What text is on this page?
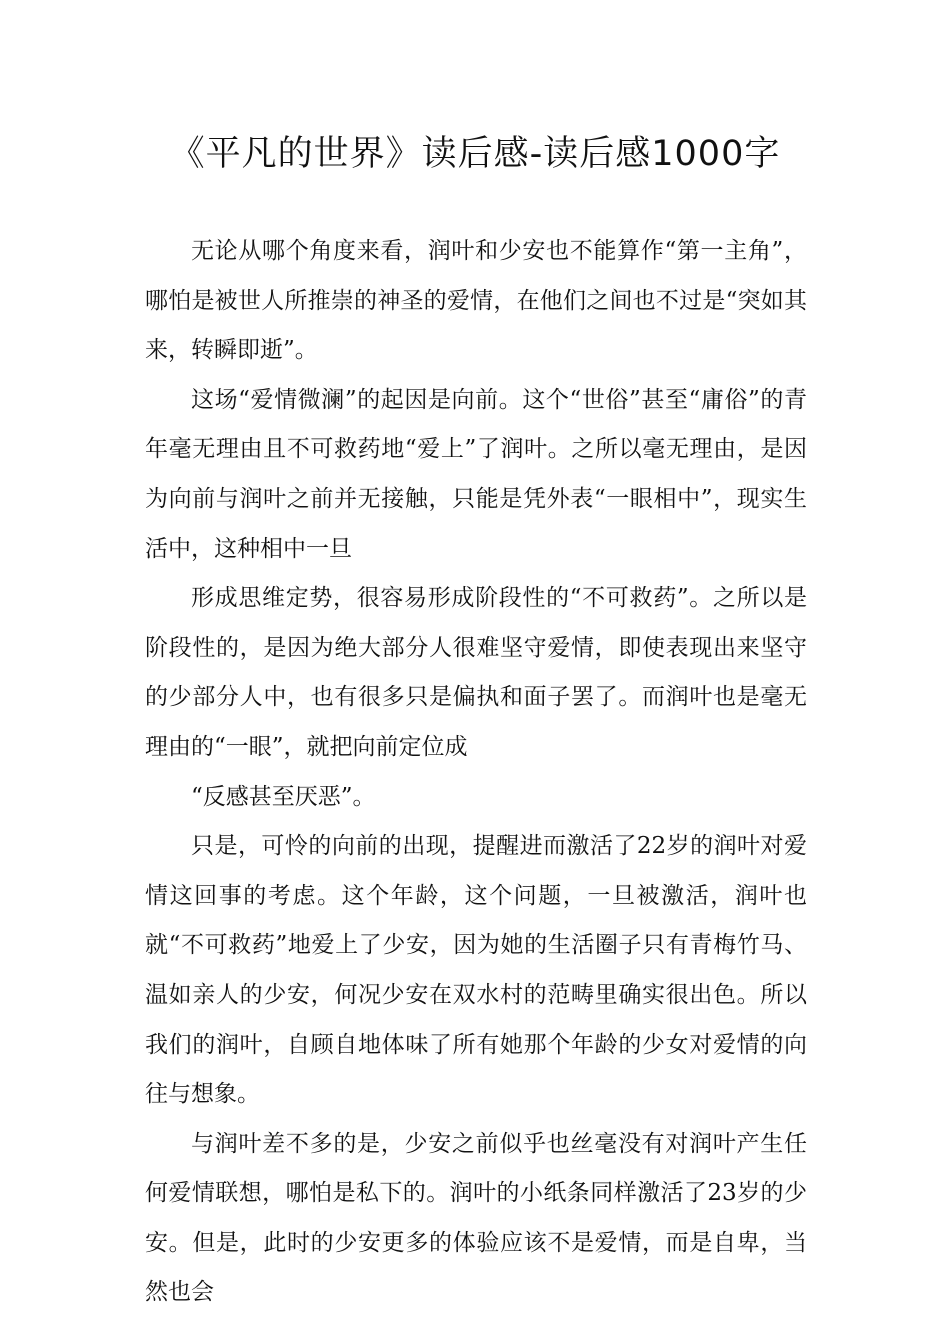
《平凡的世界》读后感-读后感1000字

无论从哪个角度来看，润叶和少安也不能算作“第一主角”，哪怕是被世人所推崇的神圣的爱情，在他们之间也不过是“突如其来，转瞬即逝”。

这场“爱情微澜”的起因是向前。这个“世俗”甚至“庸俗”的青年毫无理由且不可救药地“爱上”了润叶。之所以毫无理由，是因为向前与润叶之前并无接触，只能是凭外表“一眼相中”，现实生活中，这种相中一旦

形成思维定势，很容易形成阶段性的“不可救药”。之所以是阶段性的，是因为绝大部分人很难坚守爱情，即使表现出来坚守的少部分人中，也有很多只是偏执和面子罢了。而润叶也是毫无理由的“一眼”，就把向前定位成

“反感甚至厌恶”。

只是，可怜的向前的出现，提醒进而激活了22岁的润叶对爱情这回事的考虑。这个年龄，这个问题，一旦被激活，润叶也就“不可救药”地爱上了少安，因为她的生活圈子只有青梅竹马、温如亲人的少安，何况少安在双水村的范畴里确实很出色。所以我们的润叶，自顾自地体味了所有她那个年龄的少女对爱情的向往与想象。

与润叶差不多的是，少安之前似乎也丝毫没有对润叶产生任何爱情联想，哪怕是私下的。润叶的小纸条同样激活了23岁的少安。但是，此时的少安更多的体验应该不是爱情，而是自卑，当然也会
